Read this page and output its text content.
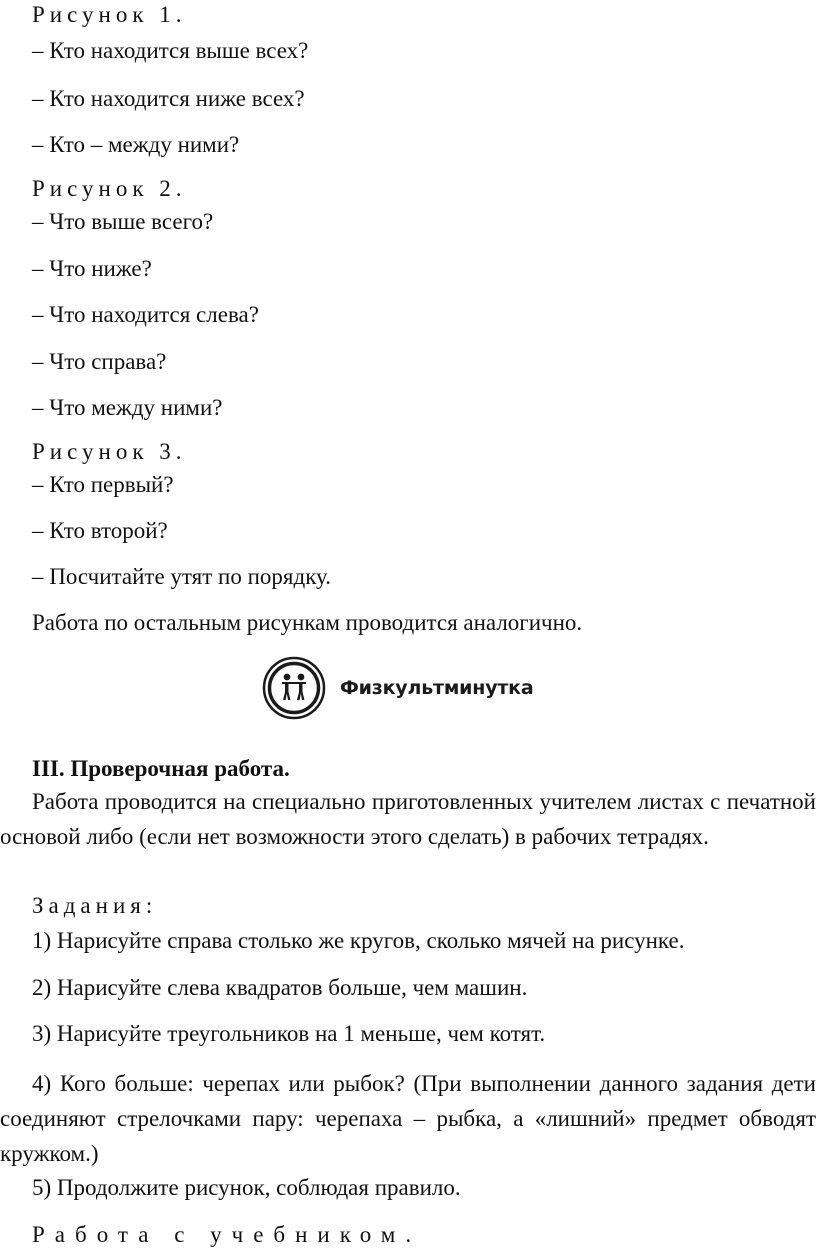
Рисунок 1.
– Кто находится выше всех?
– Кто находится ниже всех?
– Кто – между ними?
Рисунок 2.
– Что выше всего?
– Что ниже?
– Что находится слева?
– Что справа?
– Что между ними?
Рисунок 3.
– Кто первый?
– Кто второй?
– Посчитайте утят по порядку.
Работа по остальным рисункам проводится аналогично.
Физкультминутка
III. Проверочная работа.
Работа проводится на специально приготовленных учителем листах с печатной основой либо (если нет возможности этого сделать) в рабочих тетрадях.
Задания:
1) Нарисуйте справа столько же кругов, сколько мячей на рисунке.
2) Нарисуйте слева квадратов больше, чем машин.
3) Нарисуйте треугольников на 1 меньше, чем котят.
4) Кого больше: черепах или рыбок? (При выполнении данного задания дети соединяют стрелочками пару: черепаха – рыбка, а «лишний» предмет обводят кружком.)
5) Продолжите рисунок, соблюдая правило.
Работа с учебником.
